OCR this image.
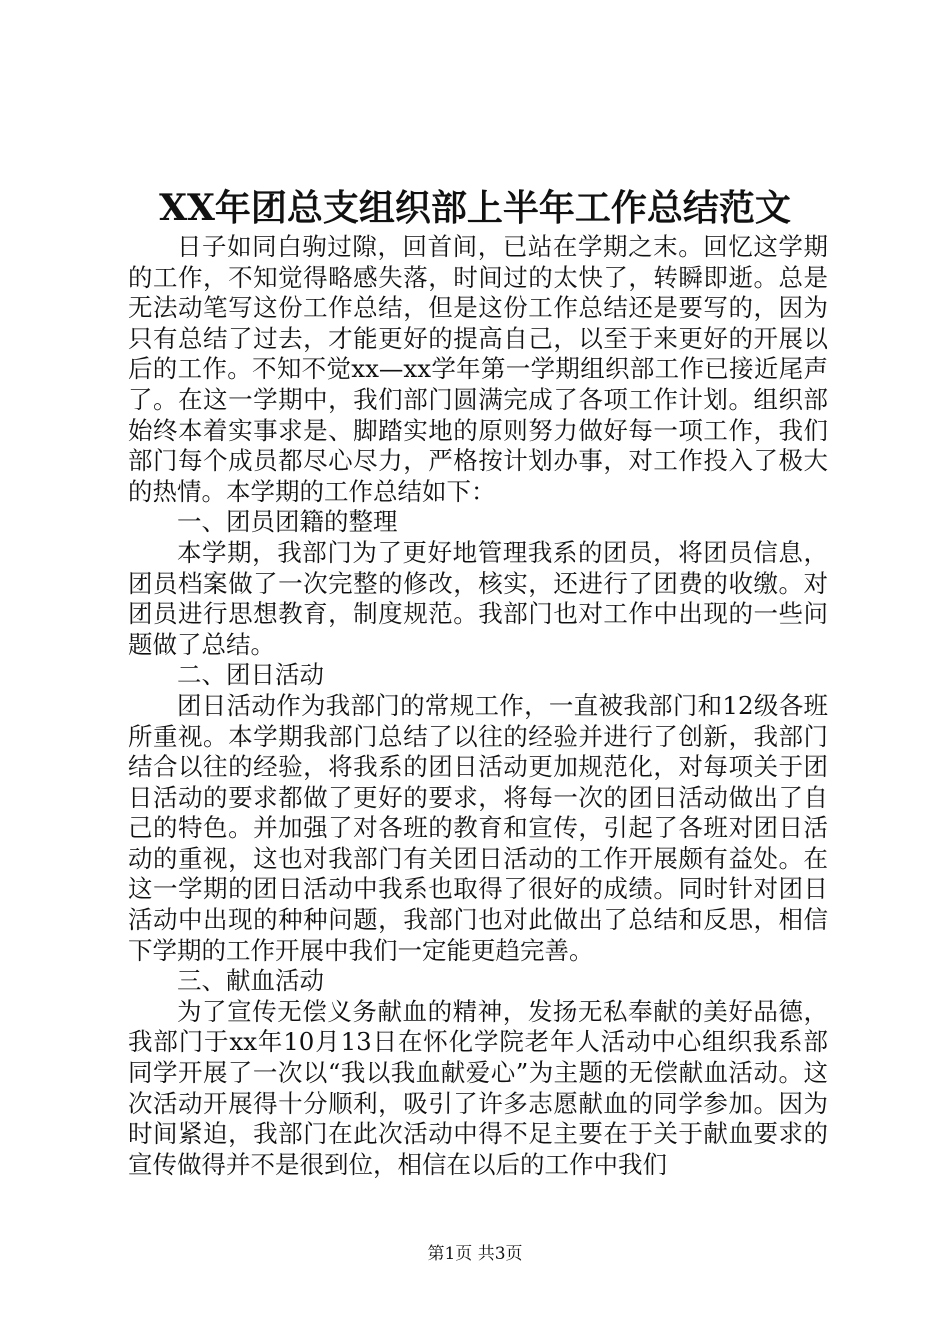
XX年团总支组织部上半年工作总结范文

日子如同白驹过隙，回首间，已站在学期之末。回忆这学期的工作，不知觉得略感失落，时间过的太快了，转瞬即逝。总是无法动笔写这份工作总结，但是这份工作总结还是要写的，因为只有总结了过去，才能更好的提高自己，以至于来更好的开展以后的工作。不知不觉xx—xx学年第一学期组织部工作已接近尾声了。在这一学期中，我们部门圆满完成了各项工作计划。组织部始终本着实事求是、脚踏实地的原则努力做好每一项工作，我们部门每个成员都尽心尽力，严格按计划办事，对工作投入了极大的热情。本学期的工作总结如下：

一、团员团籍的整理

本学期，我部门为了更好地管理我系的团员，将团员信息，团员档案做了一次完整的修改，核实，还进行了团费的收缴。对团员进行思想教育，制度规范。我部门也对工作中出现的一些问题做了总结。

二、团日活动

团日活动作为我部门的常规工作，一直被我部门和12级各班所重视。本学期我部门总结了以往的经验并进行了创新，我部门结合以往的经验，将我系的团日活动更加规范化，对每项关于团日活动的要求都做了更好的要求，将每一次的团日活动做出了自己的特色。并加强了对各班的教育和宣传，引起了各班对团日活动的重视，这也对我部门有关团日活动的工作开展颇有益处。在这一学期的团日活动中我系也取得了很好的成绩。同时针对团日活动中出现的种种问题，我部门也对此做出了总结和反思，相信下学期的工作开展中我们一定能更趋完善。

三、献血活动

为了宣传无偿义务献血的精神，发扬无私奉献的美好品德，我部门于xx年10月13日在怀化学院老年人活动中心组织我系部同学开展了一次以“我以我血献爱心”为主题的无偿献血活动。这次活动开展得十分顺利，吸引了许多志愿献血的同学参加。因为时间紧迫，我部门在此次活动中得不足主要在于关于献血要求的宣传做得并不是很到位，相信在以后的工作中我们

第1页 共3页
